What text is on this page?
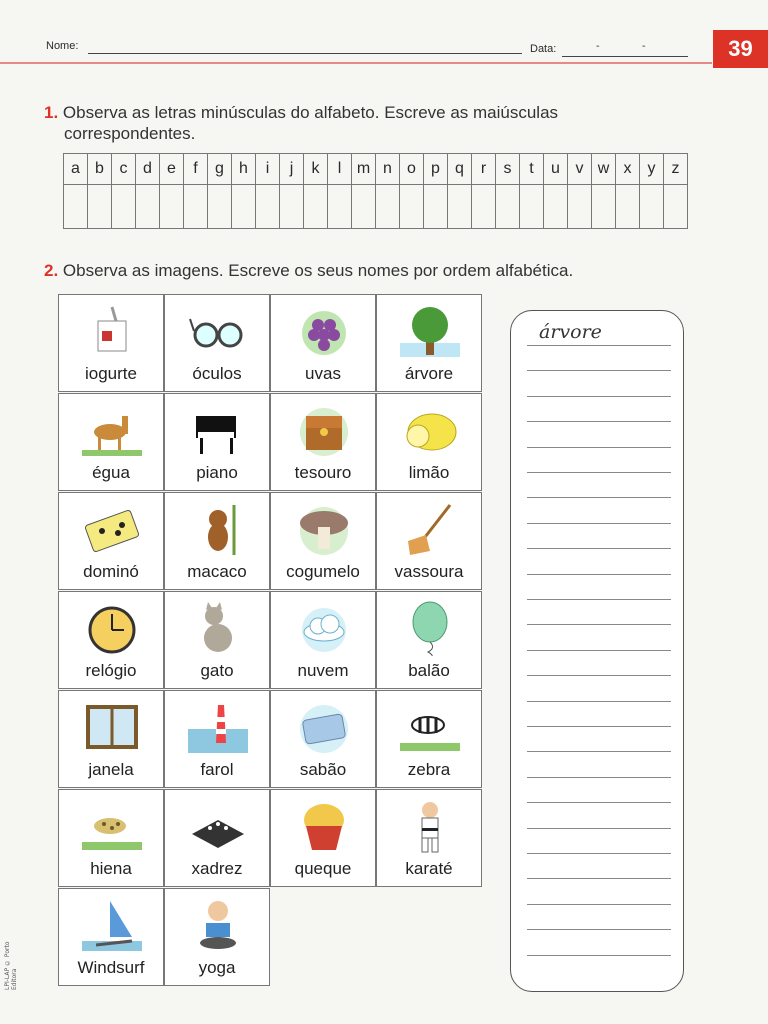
Nome:	Data:	-	-	39
1. Observa as letras minúsculas do alfabeto. Escreve as maiúsculas
correspondentes.
a	b	c	d	e	f	g	h	i	j	k	l	m	n	o	p	q	r	s	t	u	v	w	x	y	z

2. Observa as imagens. Escreve os seus nomes por ordem alfabética.
iogurte	óculos	uvas	árvore
égua	piano	tesouro	limão
dominó	macaco	cogumelo	vassoura
relógio	gato	nuvem	balão
janela	farol	sabão	zebra
hiena	xadrez	queque	karaté
Windsurf	yoga
árvore
LPI-LAP © Porto Editora
